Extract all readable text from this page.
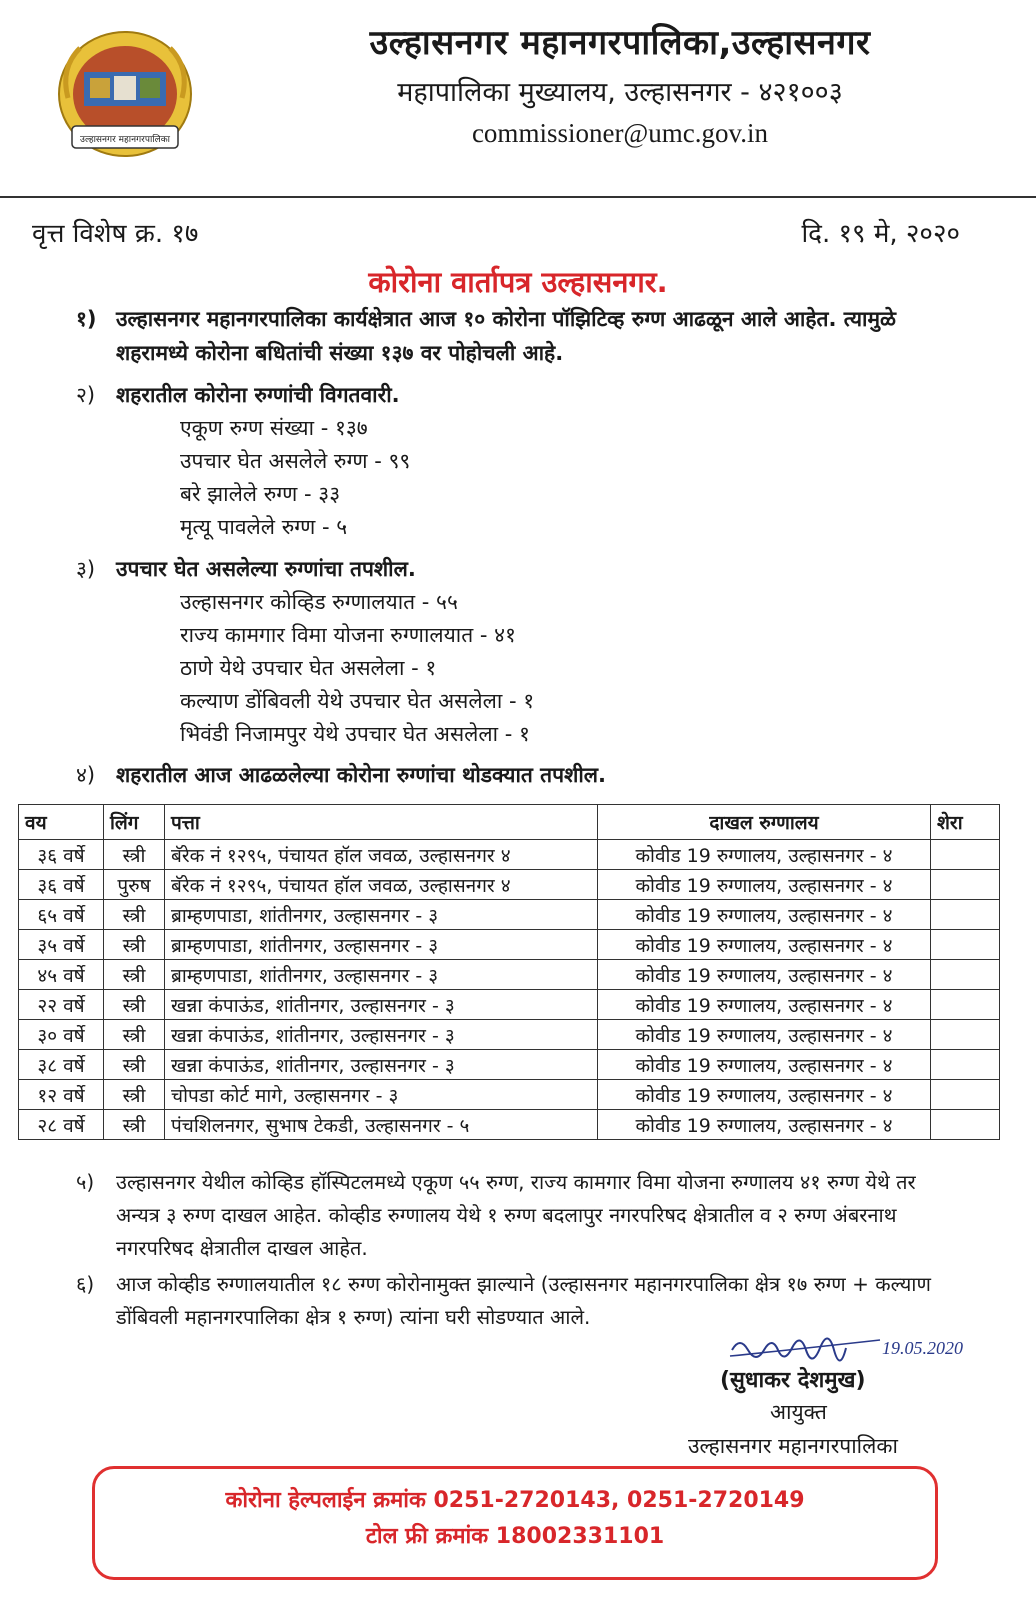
उल्हासनगर महानगरपालिका
उल्हासनगर महानगरपालिका,उल्हासनगर
महापालिका मुख्यालय, उल्हासनगर - ४२१००३
commissioner@umc.gov.in
वृत्त विशेष क्र. १७	दि. १९ मे, २०२०
कोरोना वार्तापत्र उल्हासनगर.
१) उल्हासनगर महानगरपालिका कार्यक्षेत्रात आज १० कोरोना पॉझिटिव्ह रुग्ण आढळून आले आहेत. त्यामुळे शहरामध्ये कोरोना बधितांची संख्या १३७ वर पोहोचली आहे.
२) शहरातील कोरोना रुग्णांची विगतवारी.
एकूण रुग्ण संख्या - १३७
उपचार घेत असलेले रुग्ण - ९९
बरे झालेले रुग्ण - ३३
मृत्यू पावलेले रुग्ण - ५
३) उपचार घेत असलेल्या रुग्णांचा तपशील.
उल्हासनगर कोव्हिड रुग्णालयात - ५५
राज्य कामगार विमा योजना रुग्णालयात - ४१
ठाणे येथे उपचार घेत असलेला - १
कल्याण डोंबिवली येथे उपचार घेत असलेला - १
भिवंडी निजामपुर येथे उपचार घेत असलेला - १
४) शहरातील आज आढळलेल्या कोरोना रुग्णांचा थोडक्यात तपशील.
वय	लिंग	पत्ता	दाखल रुग्णालय	शेरा
३६ वर्षे	स्त्री	बॅरेक नं १२९५, पंचायत हॉल जवळ, उल्हासनगर ४	कोवीड 19 रुग्णालय, उल्हासनगर - ४	
३६ वर्षे	पुरुष	बॅरेक नं १२९५, पंचायत हॉल जवळ, उल्हासनगर ४	कोवीड 19 रुग्णालय, उल्हासनगर - ४	
६५ वर्षे	स्त्री	ब्राम्हणपाडा, शांतीनगर, उल्हासनगर - ३	कोवीड 19 रुग्णालय, उल्हासनगर - ४	
३५ वर्षे	स्त्री	ब्राम्हणपाडा, शांतीनगर, उल्हासनगर - ३	कोवीड 19 रुग्णालय, उल्हासनगर - ४	
४५ वर्षे	स्त्री	ब्राम्हणपाडा, शांतीनगर, उल्हासनगर - ३	कोवीड 19 रुग्णालय, उल्हासनगर - ४	
२२ वर्षे	स्त्री	खन्ना कंपाऊंड, शांतीनगर, उल्हासनगर - ३	कोवीड 19 रुग्णालय, उल्हासनगर - ४	
३० वर्षे	स्त्री	खन्ना कंपाऊंड, शांतीनगर, उल्हासनगर - ३	कोवीड 19 रुग्णालय, उल्हासनगर - ४	
३८ वर्षे	स्त्री	खन्ना कंपाऊंड, शांतीनगर, उल्हासनगर - ३	कोवीड 19 रुग्णालय, उल्हासनगर - ४	
१२ वर्षे	स्त्री	चोपडा कोर्ट मागे, उल्हासनगर - ३	कोवीड 19 रुग्णालय, उल्हासनगर - ४	
२८ वर्षे	स्त्री	पंचशिलनगर, सुभाष टेकडी, उल्हासनगर - ५	कोवीड 19 रुग्णालय, उल्हासनगर - ४	
५) उल्हासनगर येथील कोव्हिड हॉस्पिटलमध्ये एकूण ५५ रुग्ण, राज्य कामगार विमा योजना रुग्णालय ४१ रुग्ण येथे तर अन्यत्र ३ रुग्ण दाखल आहेत. कोव्हीड रुग्णालय येथे १ रुग्ण बदलापुर नगरपरिषद क्षेत्रातील व २ रुग्ण अंबरनाथ नगरपरिषद क्षेत्रातील दाखल आहेत.
६) आज कोव्हीड रुग्णालयातील १८ रुग्ण कोरोनामुक्त झाल्याने (उल्हासनगर महानगरपालिका क्षेत्र १७ रुग्ण + कल्याण डोंबिवली महानगरपालिका क्षेत्र १ रुग्ण) त्यांना घरी सोडण्यात आले.
19.05.2020
(सुधाकर देशमुख)
आयुक्त
उल्हासनगर महानगरपालिका
कोरोना हेल्पलाईन क्रमांक 0251-2720143, 0251-2720149
टोल फ्री क्रमांक 18002331101
